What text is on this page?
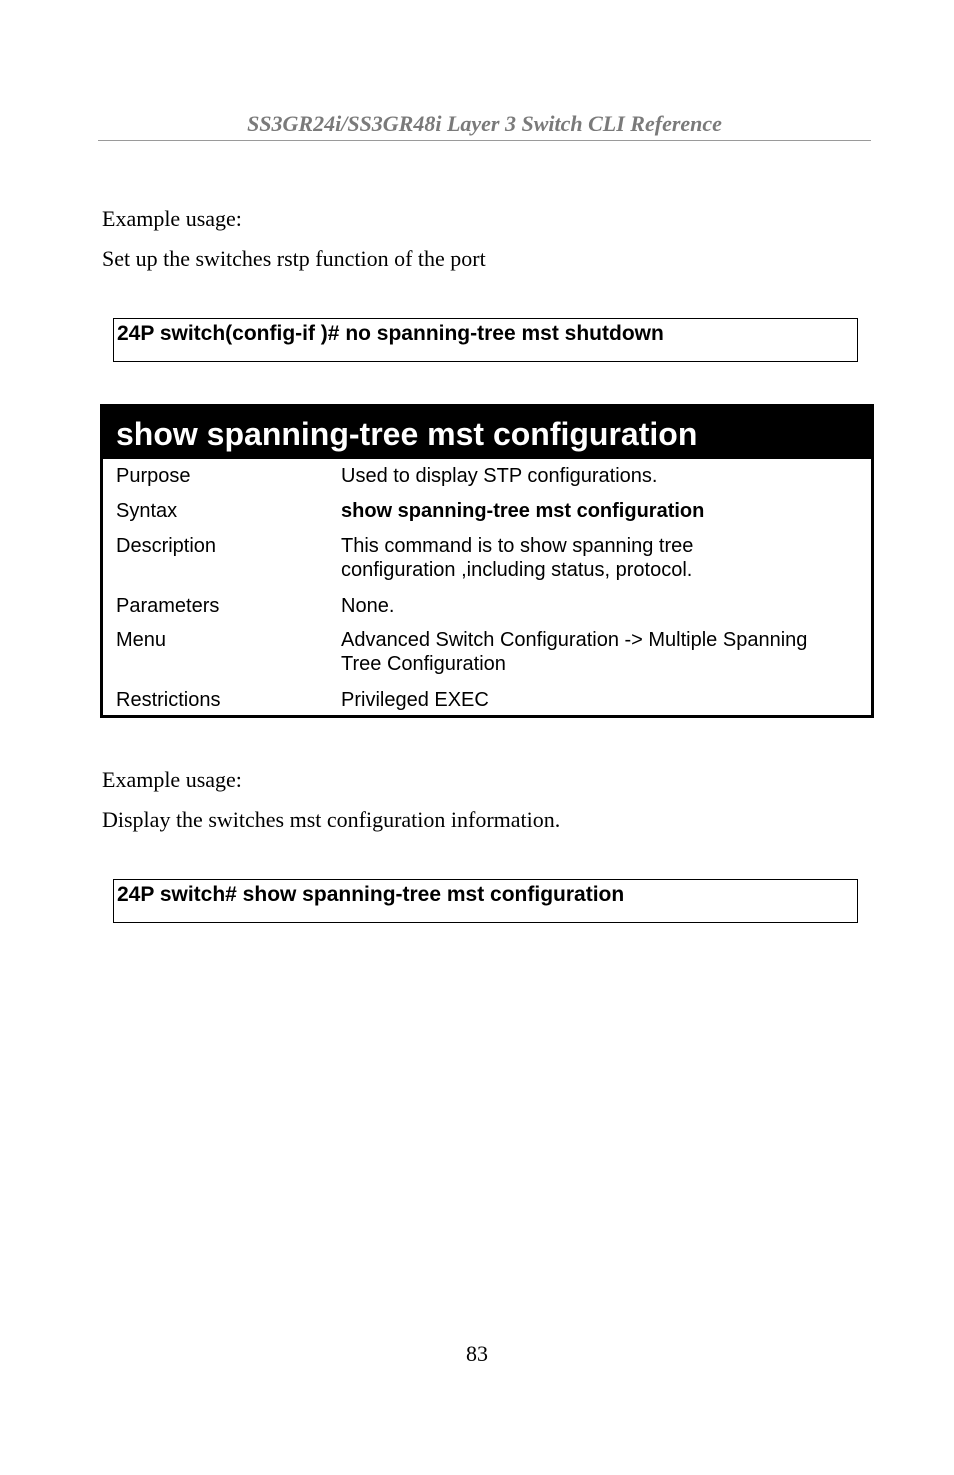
SS3GR24i/SS3GR48i Layer 3 Switch CLI Reference
Example usage:
Set up the switches rstp function of the port
24P switch(config-if )# no spanning-tree mst shutdown
show spanning-tree mst configuration
Purpose	Used to display STP configurations.
Syntax	show spanning-tree mst configuration
Description	This command is to show spanning tree
configuration ,including status, protocol.
Parameters	None.
Menu	Advanced Switch Configuration -> Multiple Spanning
Tree Configuration
Restrictions	Privileged EXEC
Example usage:
Display the switches mst configuration information.
24P switch# show spanning-tree mst configuration
83
